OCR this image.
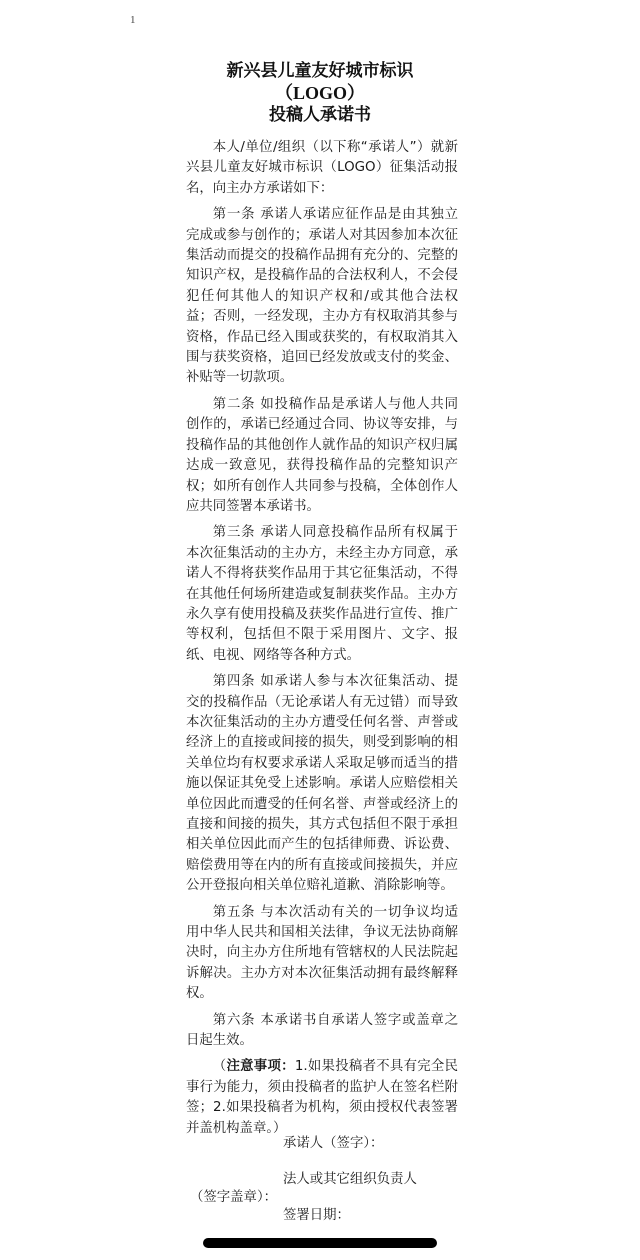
1
新兴县儿童友好城市标识
（LOGO）
投稿人承诺书

本人/单位/组织（以下称“承诺人”）就新兴县儿童友好城市标识（LOGO）征集活动报名，向主办方承诺如下：

第一条 承诺人承诺应征作品是由其独立完成或参与创作的；承诺人对其因参加本次征集活动而提交的投稿作品拥有充分的、完整的知识产权，是投稿作品的合法权利人，不会侵犯任何其他人的知识产权和/或其他合法权益；否则，一经发现，主办方有权取消其参与资格，作品已经入围或获奖的，有权取消其入围与获奖资格，追回已经发放或支付的奖金、补贴等一切款项。

第二条 如投稿作品是承诺人与他人共同创作的，承诺已经通过合同、协议等安排，与投稿作品的其他创作人就作品的知识产权归属达成一致意见，获得投稿作品的完整知识产权；如所有创作人共同参与投稿，全体创作人应共同签署本承诺书。

第三条 承诺人同意投稿作品所有权属于本次征集活动的主办方，未经主办方同意，承诺人不得将获奖作品用于其它征集活动，不得在其他任何场所建造或复制获奖作品。主办方永久享有使用投稿及获奖作品进行宣传、推广等权利，包括但不限于采用图片、文字、报纸、电视、网络等各种方式。

第四条 如承诺人参与本次征集活动、提交的投稿作品（无论承诺人有无过错）而导致本次征集活动的主办方遭受任何名誉、声誉或经济上的直接或间接的损失，则受到影响的相关单位均有权要求承诺人采取足够而适当的措施以保证其免受上述影响。承诺人应赔偿相关单位因此而遭受的任何名誉、声誉或经济上的直接和间接的损失，其方式包括但不限于承担相关单位因此而产生的包括律师费、诉讼费、赔偿费用等在内的所有直接或间接损失，并应公开登报向相关单位赔礼道歉、消除影响等。

第五条 与本次活动有关的一切争议均适用中华人民共和国相关法律，争议无法协商解决时，向主办方住所地有管辖权的人民法院起诉解决。主办方对本次征集活动拥有最终解释权。

第六条 本承诺书自承诺人签字或盖章之日起生效。

（注意事项：1.如果投稿者不具有完全民事行为能力，须由投稿者的监护人在签名栏附签；2.如果投稿者为机构，须由授权代表签署并盖机构盖章。）

承诺人（签字）：
法人或其它组织负责人
（签字盖章）：
签署日期：
